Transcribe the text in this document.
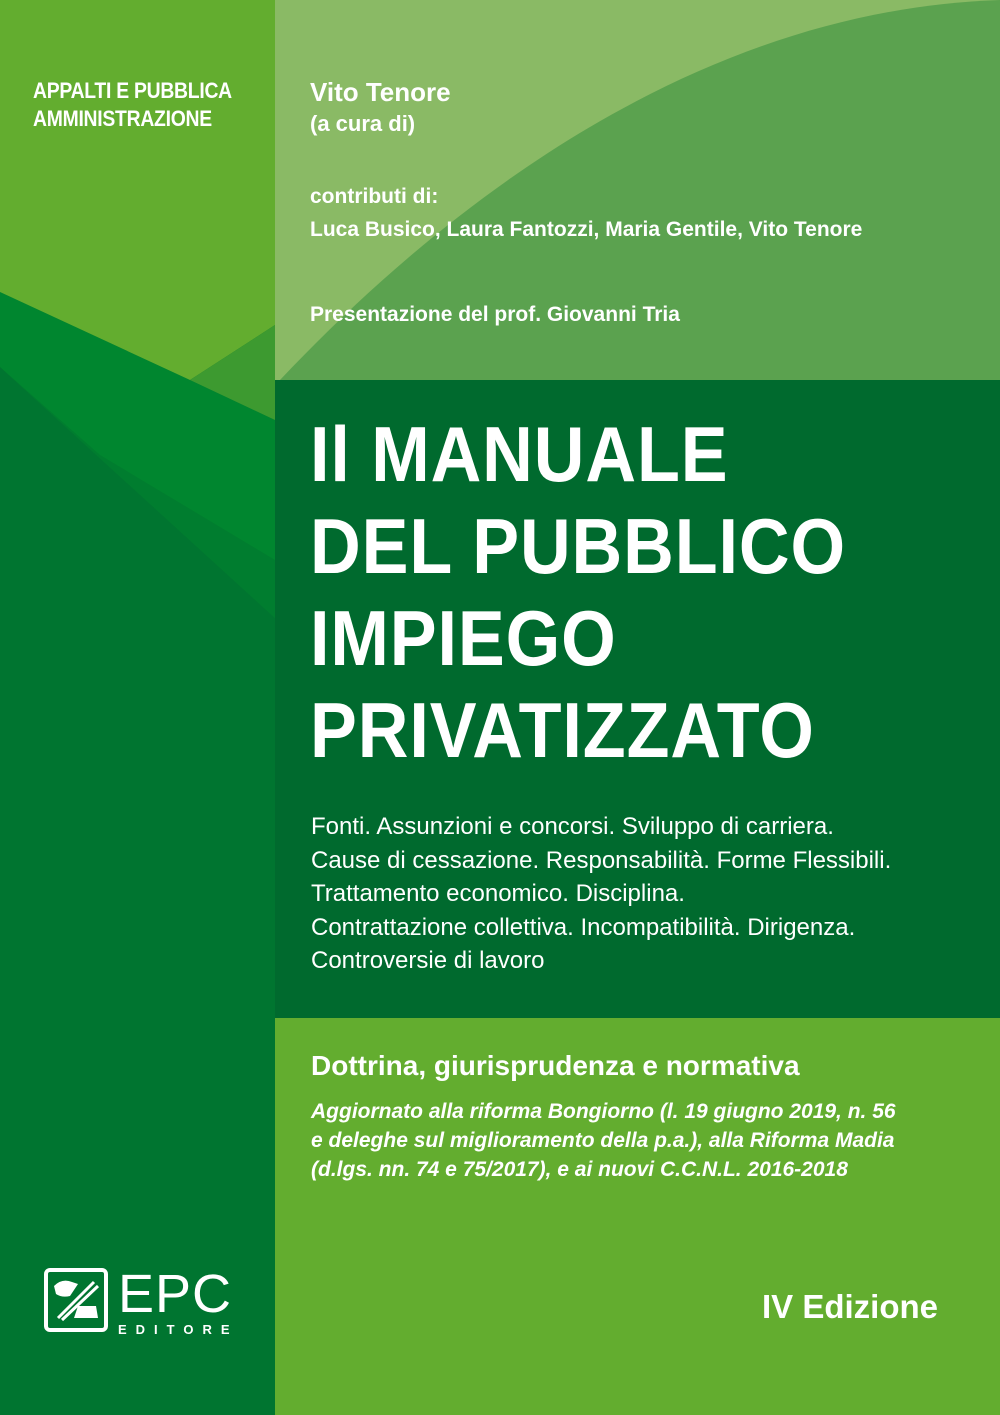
APPALTI E PUBBLICA
AMMINISTRAZIONE
Vito Tenore
(a cura di)
contributi di:
Luca Busico, Laura Fantozzi, Maria Gentile, Vito Tenore
Presentazione del prof. Giovanni Tria
Il MANUALE
DEL PUBBLICO
IMPIEGO
PRIVATIZZATO
Fonti. Assunzioni e concorsi. Sviluppo di carriera.
Cause di cessazione. Responsabilità. Forme Flessibili.
Trattamento economico. Disciplina.
Contrattazione collettiva. Incompatibilità. Dirigenza.
Controversie di lavoro
Dottrina, giurisprudenza e normativa
Aggiornato alla riforma Bongiorno (l. 19 giugno 2019, n. 56
e deleghe sul miglioramento della p.a.), alla Riforma Madia
(d.lgs. nn. 74 e 75/2017), e ai nuovi C.C.N.L. 2016-2018
IV Edizione
EPC
EDITORE
